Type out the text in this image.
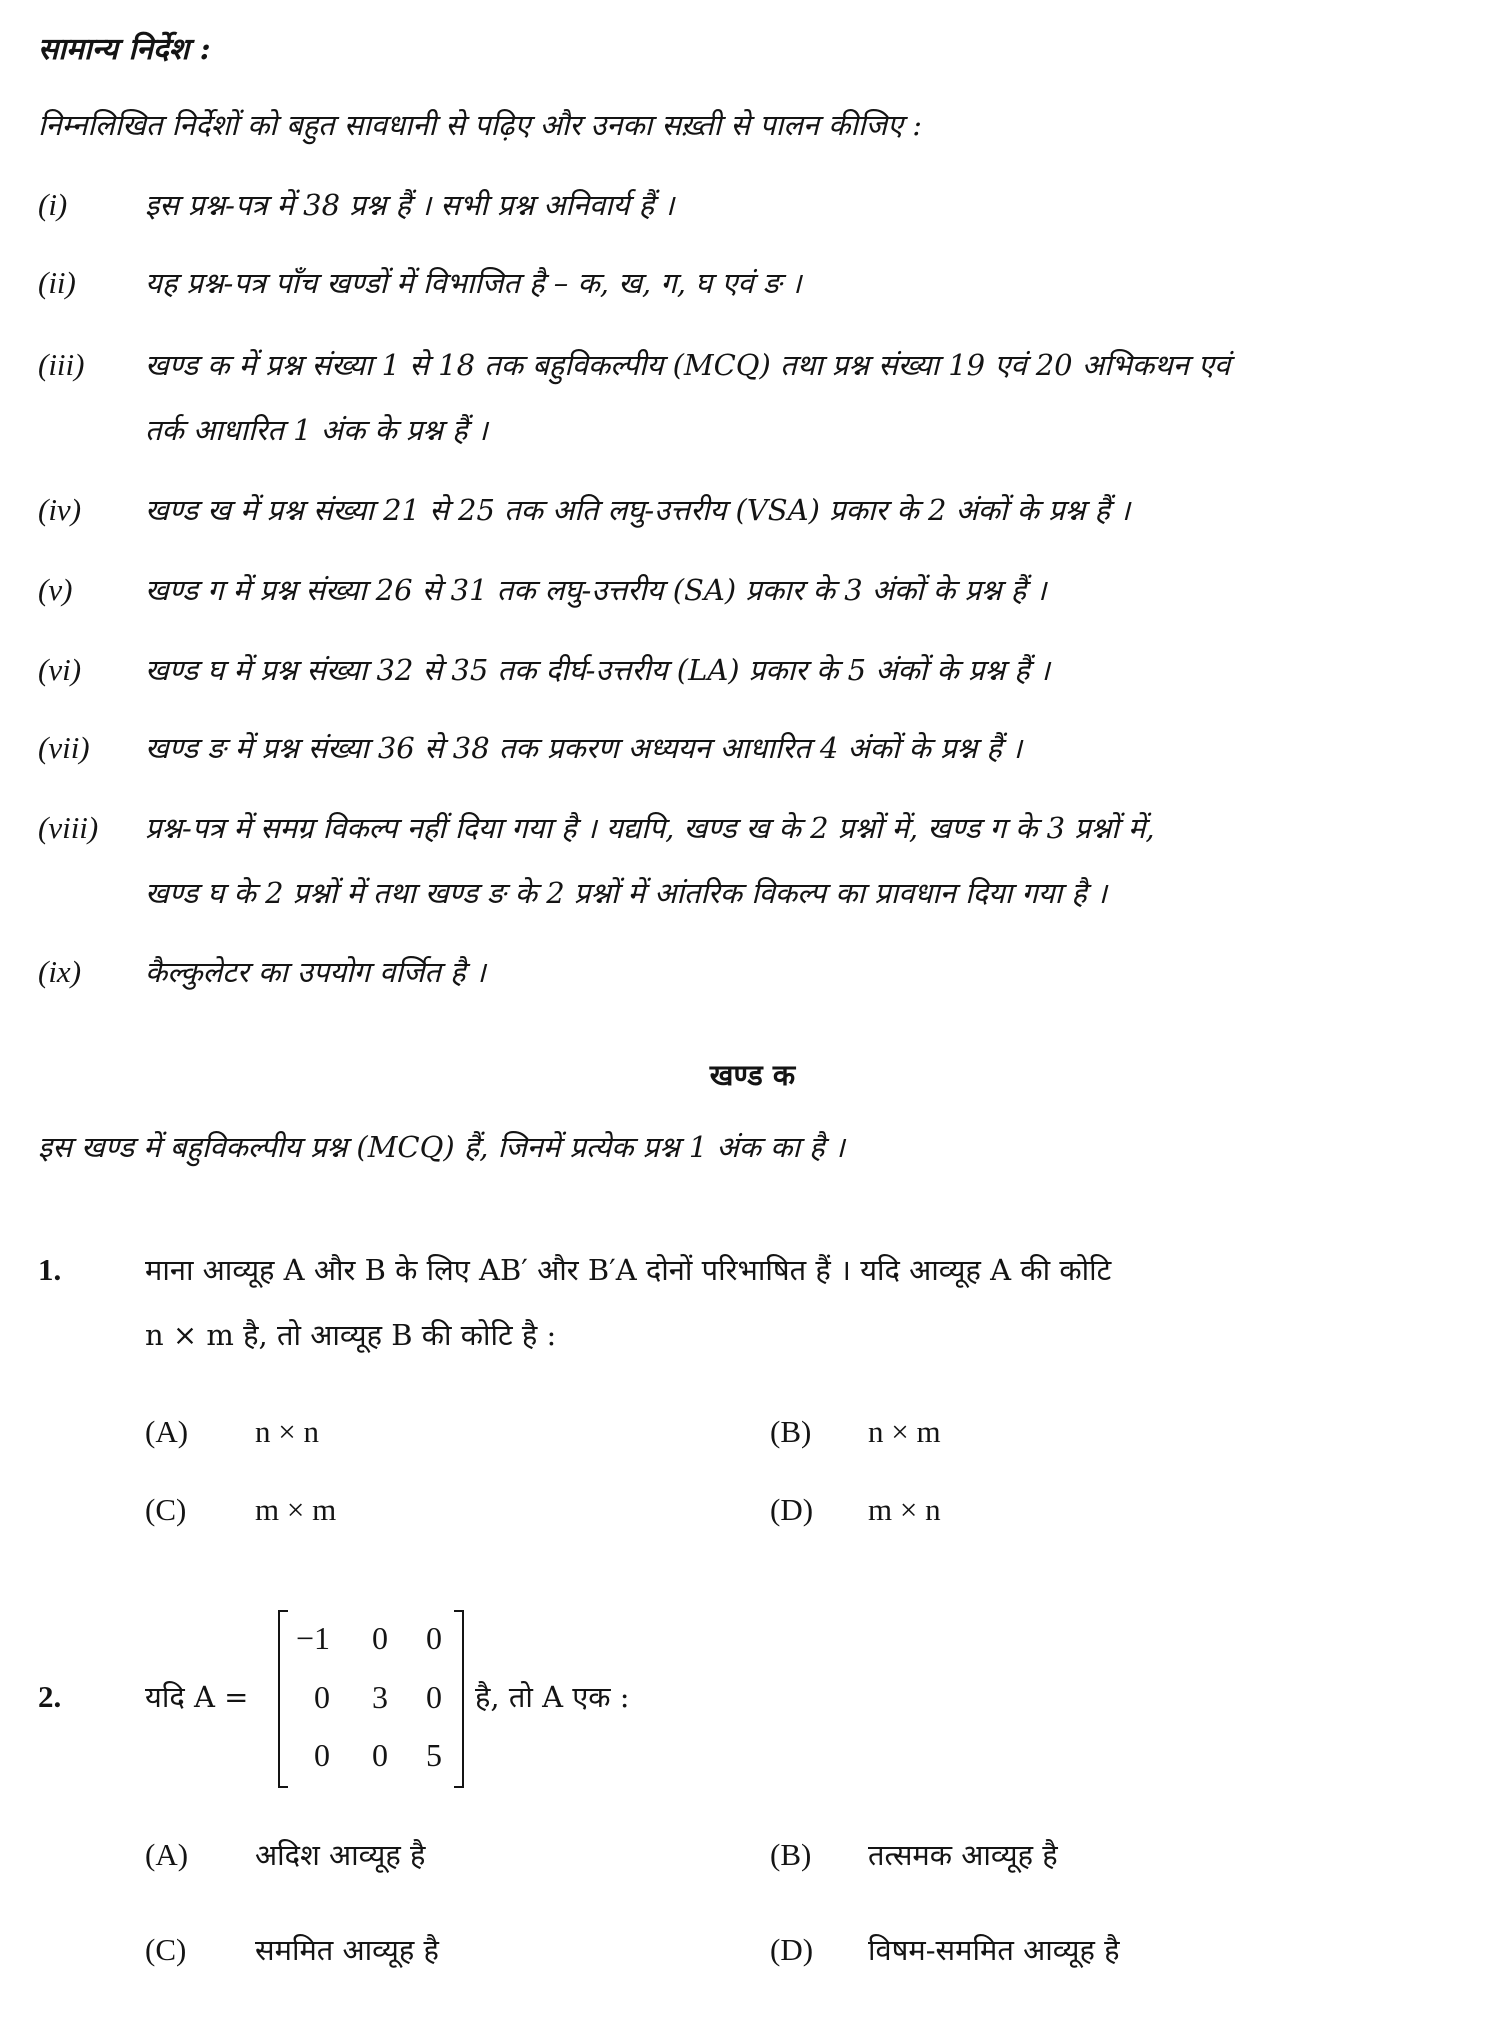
सामान्य निर्देश :
निम्नलिखित निर्देशों को बहुत सावधानी से पढ़िए और उनका सख़्ती से पालन कीजिए :
(i)	इस प्रश्न-पत्र में 38 प्रश्न हैं । सभी प्रश्न अनिवार्य हैं ।
(ii) यह प्रश्न-पत्र पाँच खण्डों में विभाजित है – क, ख, ग, घ एवं ङ ।
(iii) खण्ड क में प्रश्न संख्या 1 से 18 तक बहुविकल्पीय (MCQ) तथा प्रश्न संख्या 19 एवं 20 अभिकथन एवं
तर्क आधारित 1 अंक के प्रश्न हैं ।
(iv) खण्ड ख में प्रश्न संख्या 21 से 25 तक अति लघु-उत्तरीय (VSA) प्रकार के 2 अंकों के प्रश्न हैं ।
(v)	खण्ड ग में प्रश्न संख्या 26 से 31 तक लघु-उत्तरीय (SA) प्रकार के 3 अंकों के प्रश्न हैं ।
(vi) खण्ड घ में प्रश्न संख्या 32 से 35 तक दीर्घ-उत्तरीय (LA) प्रकार के 5 अंकों के प्रश्न हैं ।
(vii) खण्ड ङ में प्रश्न संख्या 36 से 38 तक प्रकरण अध्ययन आधारित 4 अंकों के प्रश्न हैं ।
(viii) प्रश्न-पत्र में समग्र विकल्प नहीं दिया गया है । यद्यपि, खण्ड ख के 2 प्रश्नों में, खण्ड ग के 3 प्रश्नों में,
खण्ड घ के 2 प्रश्नों में तथा खण्ड ङ के 2 प्रश्नों में आंतरिक विकल्प का प्रावधान दिया गया है ।
(ix) कैल्कुलेटर का उपयोग वर्जित है ।
खण्ड क
इस खण्ड में बहुविकल्पीय प्रश्न (MCQ) हैं, जिनमें प्रत्येक प्रश्न 1 अंक का है ।
1.	माना आव्यूह A और B के लिए AB′ और B′A दोनों परिभाषित हैं । यदि आव्यूह A की कोटि
n × m है, तो आव्यूह B की कोटि है :
(A) n × n	(B) n × m
(C) m × m	(D) m × n
2.	यदि A =
−1	0	0
0	3	0
0	0	5
है, तो A एक :
(A) अदिश आव्यूह है	(B) तत्समक आव्यूह है
(C) सममित आव्यूह है	(D) विषम-सममित आव्यूह है
